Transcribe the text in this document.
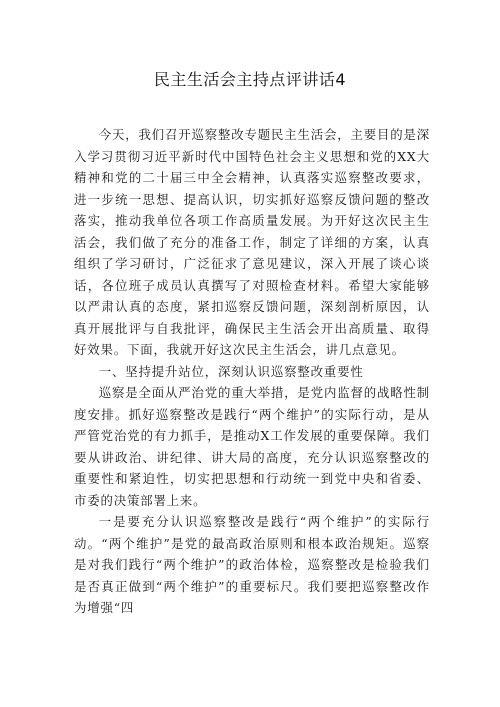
民主生活会主持点评讲话4

今天，我们召开巡察整改专题民主生活会，主要目的是深入学习贯彻习近平新时代中国特色社会主义思想和党的XX大精神和党的二十届三中全会精神，认真落实巡察整改要求，进一步统一思想、提高认识，切实抓好巡察反馈问题的整改落实，推动我单位各项工作高质量发展。为开好这次民主生活会，我们做了充分的准备工作，制定了详细的方案，认真组织了学习研讨，广泛征求了意见建议，深入开展了谈心谈话，各位班子成员认真撰写了对照检查材料。希望大家能够以严肃认真的态度，紧扣巡察反馈问题，深刻剖析原因，认真开展批评与自我批评，确保民主生活会开出高质量、取得好效果。下面，我就开好这次民主生活会，讲几点意见。

一、坚持提升站位，深刻认识巡察整改重要性

巡察是全面从严治党的重大举措，是党内监督的战略性制度安排。抓好巡察整改是践行“两个维护”的实际行动，是从严管党治党的有力抓手，是推动X工作发展的重要保障。我们要从讲政治、讲纪律、讲大局的高度，充分认识巡察整改的重要性和紧迫性，切实把思想和行动统一到党中央和省委、市委的决策部署上来。

一是要充分认识巡察整改是践行“两个维护”的实际行动。“两个维护”是党的最高政治原则和根本政治规矩。巡察是对我们践行“两个维护”的政治体检，巡察整改是检验我们是否真正做到“两个维护”的重要标尺。我们要把巡察整改作为增强“四
